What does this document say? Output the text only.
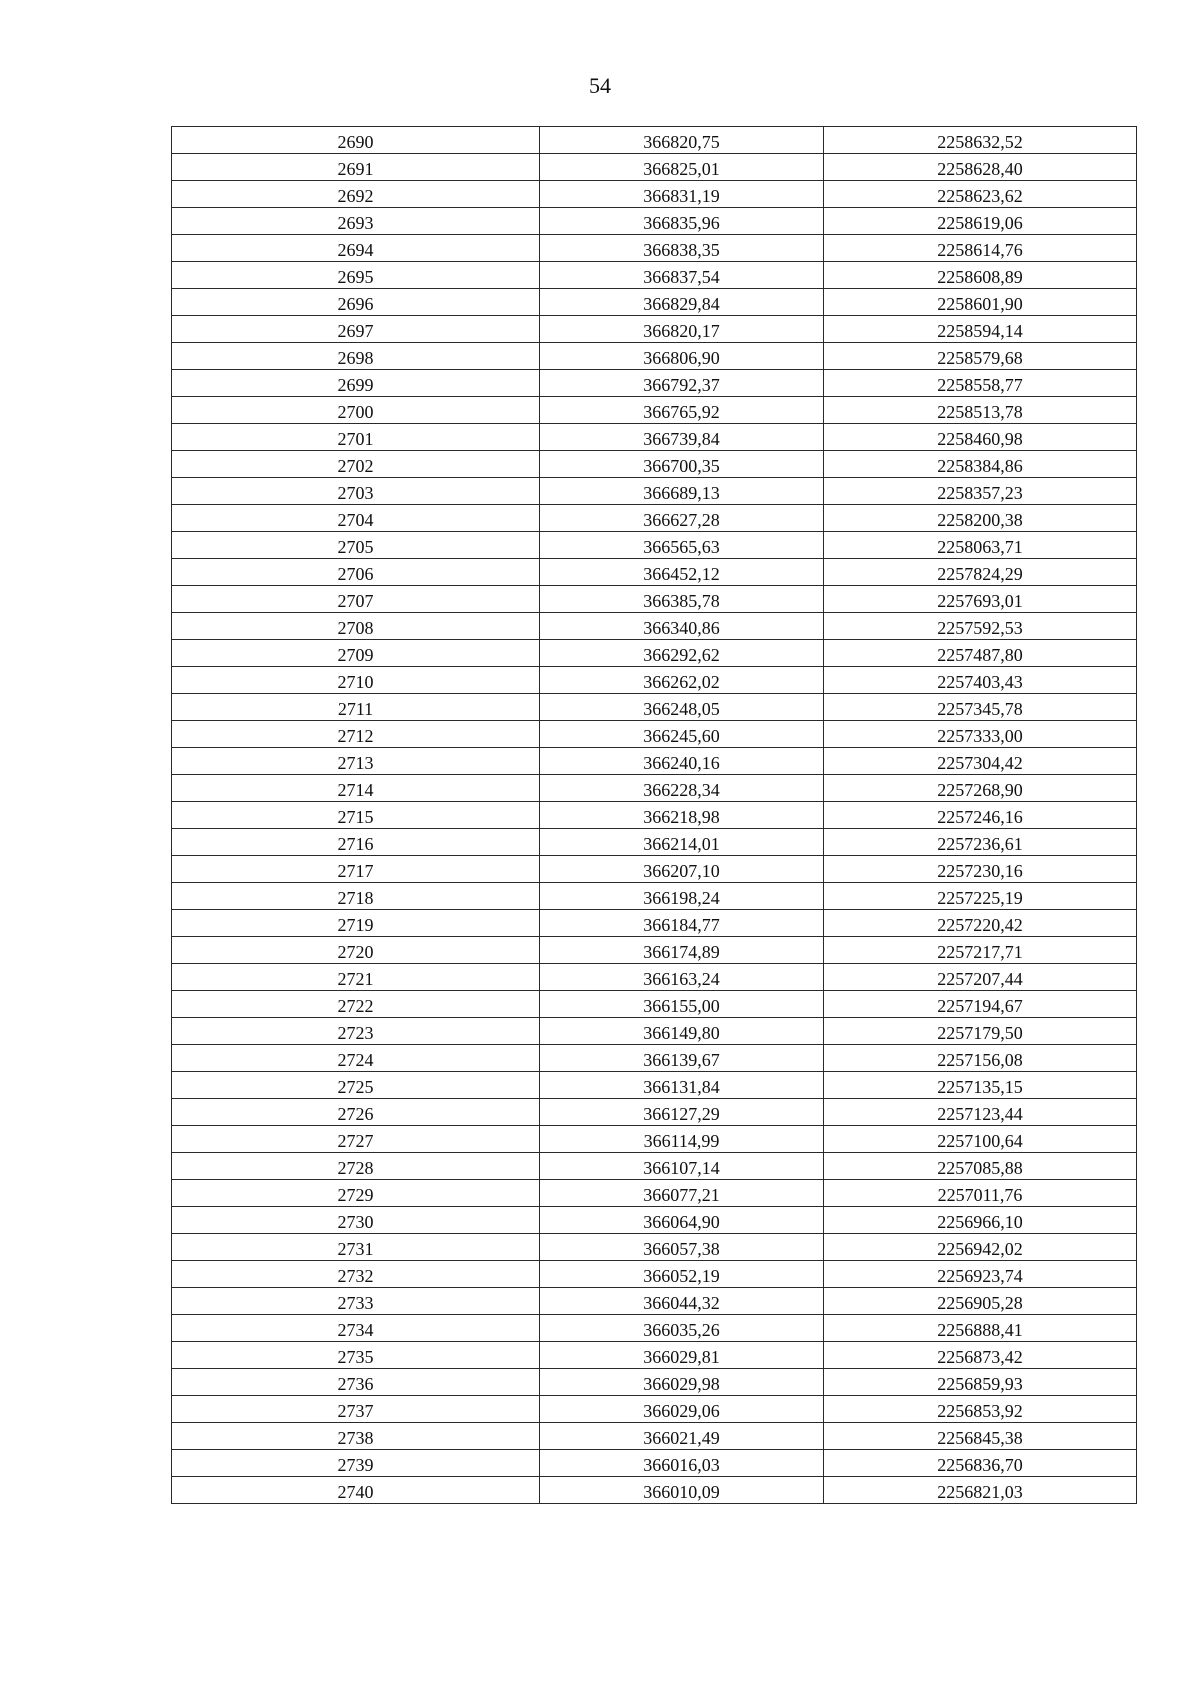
54
2690	366820,75	2258632,52
2691	366825,01	2258628,40
2692	366831,19	2258623,62
2693	366835,96	2258619,06
2694	366838,35	2258614,76
2695	366837,54	2258608,89
2696	366829,84	2258601,90
2697	366820,17	2258594,14
2698	366806,90	2258579,68
2699	366792,37	2258558,77
2700	366765,92	2258513,78
2701	366739,84	2258460,98
2702	366700,35	2258384,86
2703	366689,13	2258357,23
2704	366627,28	2258200,38
2705	366565,63	2258063,71
2706	366452,12	2257824,29
2707	366385,78	2257693,01
2708	366340,86	2257592,53
2709	366292,62	2257487,80
2710	366262,02	2257403,43
2711	366248,05	2257345,78
2712	366245,60	2257333,00
2713	366240,16	2257304,42
2714	366228,34	2257268,90
2715	366218,98	2257246,16
2716	366214,01	2257236,61
2717	366207,10	2257230,16
2718	366198,24	2257225,19
2719	366184,77	2257220,42
2720	366174,89	2257217,71
2721	366163,24	2257207,44
2722	366155,00	2257194,67
2723	366149,80	2257179,50
2724	366139,67	2257156,08
2725	366131,84	2257135,15
2726	366127,29	2257123,44
2727	366114,99	2257100,64
2728	366107,14	2257085,88
2729	366077,21	2257011,76
2730	366064,90	2256966,10
2731	366057,38	2256942,02
2732	366052,19	2256923,74
2733	366044,32	2256905,28
2734	366035,26	2256888,41
2735	366029,81	2256873,42
2736	366029,98	2256859,93
2737	366029,06	2256853,92
2738	366021,49	2256845,38
2739	366016,03	2256836,70
2740	366010,09	2256821,03
